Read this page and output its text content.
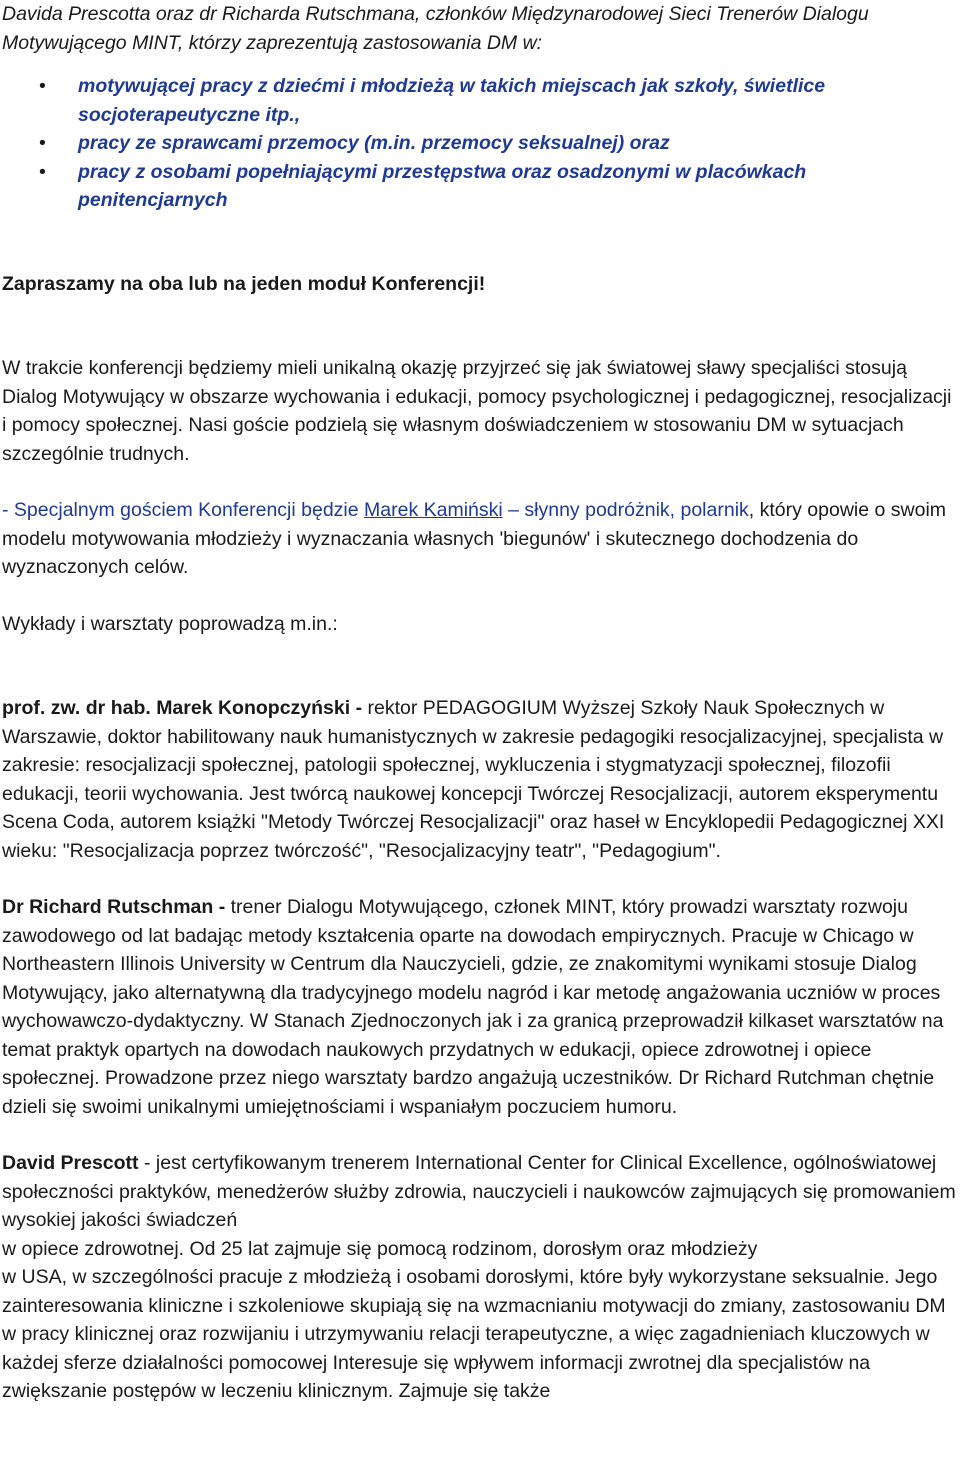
Davida Prescotta oraz dr Richarda Rutschmana, członków Międzynarodowej Sieci Trenerów Dialogu Motywującego MINT, którzy zaprezentują zastosowania DM w:

• motywującej pracy z dziećmi i młodzieżą w takich miejscach jak szkoły, świetlice socjoterapeutyczne itp.,
• pracy ze sprawcami przemocy (m.in. przemocy seksualnej) oraz
• pracy z osobami popełniającymi przestępstwa oraz osadzonymi w placówkach penitencjarnych

Zapraszamy na oba lub na jeden moduł Konferencji!

W trakcie konferencji będziemy mieli unikalną okazję przyjrzeć się jak światowej sławy specjaliści stosują Dialog Motywujący w obszarze wychowania i edukacji, pomocy psychologicznej i pedagogicznej, resocjalizacji i pomocy społecznej. Nasi goście podzielą się własnym doświadczeniem w stosowaniu DM w sytuacjach szczególnie trudnych.

- Specjalnym gościem Konferencji będzie Marek Kamiński – słynny podróżnik, polarnik, który opowie o swoim modelu motywowania młodzieży i wyznaczania własnych 'biegunów' i skutecznego dochodzenia do wyznaczonych celów.

Wykłady i warsztaty poprowadzą m.in.:

prof. zw. dr hab. Marek Konopczyński - rektor PEDAGOGIUM Wyższej Szkoły Nauk Społecznych w Warszawie, doktor habilitowany nauk humanistycznych w zakresie pedagogiki resocjalizacyjnej, specjalista w zakresie: resocjalizacji społecznej, patologii społecznej, wykluczenia i stygmatyzacji społecznej, filozofii edukacji, teorii wychowania. Jest twórcą naukowej koncepcji Twórczej Resocjalizacji, autorem eksperymentu Scena Coda, autorem książki "Metody Twórczej Resocjalizacji" oraz haseł w Encyklopedii Pedagogicznej XXI wieku: "Resocjalizacja poprzez twórczość", "Resocjalizacyjny teatr", "Pedagogium".

Dr Richard Rutschman - trener Dialogu Motywującego, członek MINT, który prowadzi warsztaty rozwoju zawodowego od lat badając metody kształcenia oparte na dowodach empirycznych. Pracuje w Chicago w Northeastern Illinois University w Centrum dla Nauczycieli, gdzie, ze znakomitymi wynikami stosuje Dialog Motywujący, jako alternatywną dla tradycyjnego modelu nagród i kar metodę angażowania uczniów w proces wychowawczo-dydaktyczny. W Stanach Zjednoczonych jak i za granicą przeprowadził kilkaset warsztatów na temat praktyk opartych na dowodach naukowych przydatnych w edukacji, opiece zdrowotnej i opiece społecznej. Prowadzone przez niego warsztaty bardzo angażują uczestników. Dr Richard Rutchman chętnie dzieli się swoimi unikalnymi umiejętnościami i wspaniałym poczuciem humoru.

David Prescott - jest certyfikowanym trenerem International Center for Clinical Excellence, ogólnoświatowej społeczności praktyków, menedżerów służby zdrowia, nauczycieli i naukowców zajmujących się promowaniem wysokiej jakości świadczeń
w opiece zdrowotnej. Od 25 lat zajmuje się pomocą rodzinom, dorosłym oraz młodzieży
w USA, w szczególności pracuje z młodzieżą i osobami dorosłymi, które były wykorzystane seksualnie. Jego zainteresowania kliniczne i szkoleniowe skupiają się na wzmacnianiu motywacji do zmiany, zastosowaniu DM w pracy klinicznej oraz rozwijaniu i utrzymywaniu relacji terapeutyczne, a więc zagadnieniach kluczowych w każdej sferze działalności pomocowej Interesuje się wpływem informacji zwrotnej dla specjalistów na zwiększanie postępów w leczeniu klinicznym. Zajmuje się także
